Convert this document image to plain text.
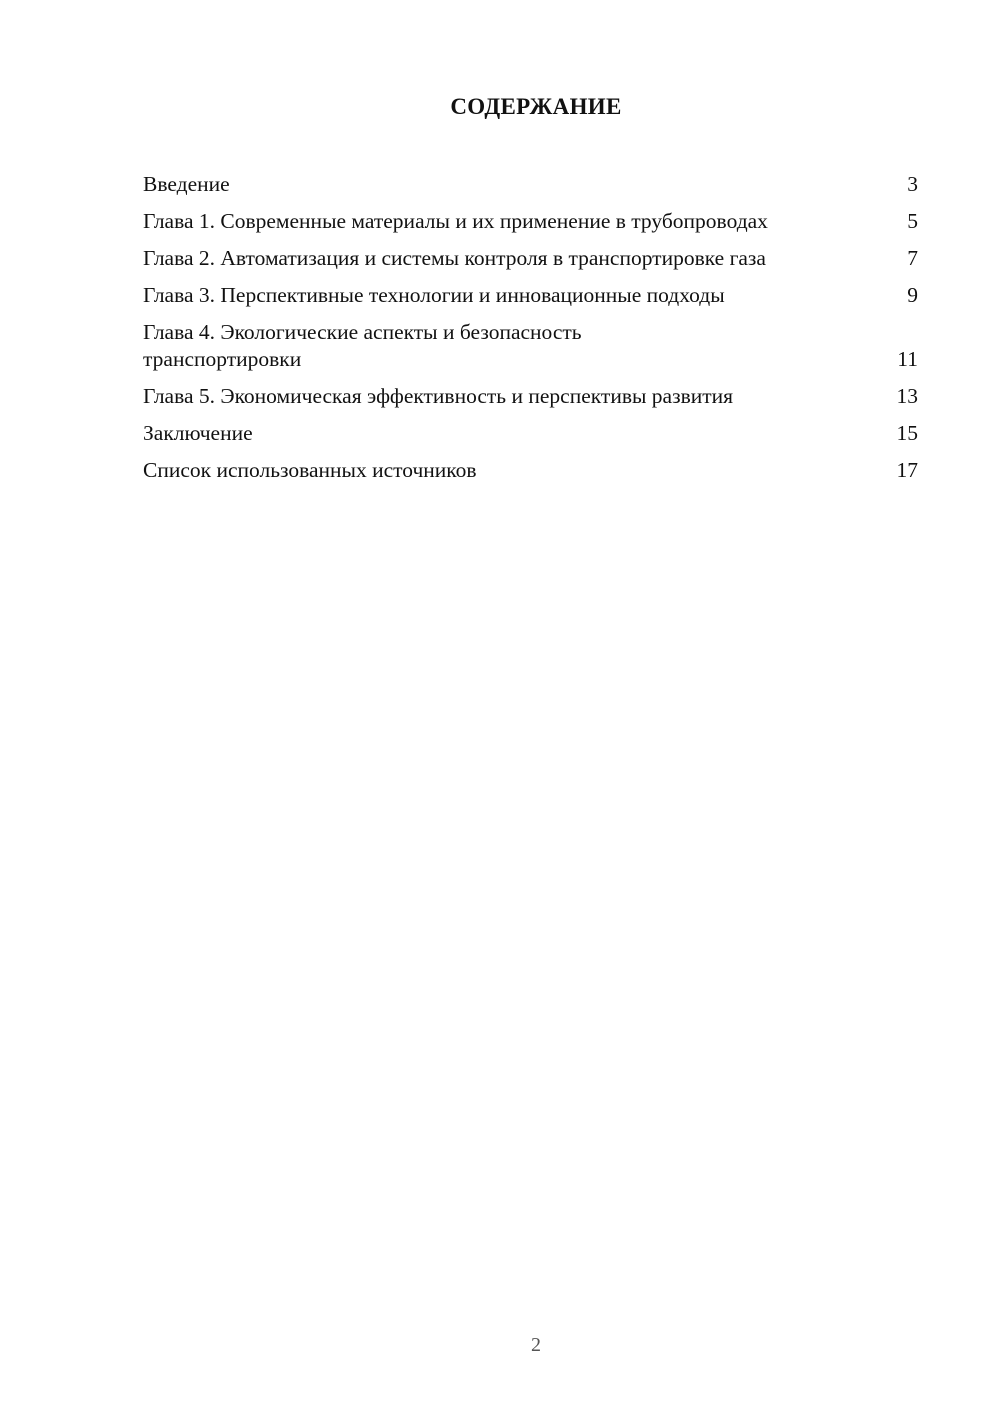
СОДЕРЖАНИЕ
Введение	3
Глава 1. Современные материалы и их применение в трубопроводах	5
Глава 2. Автоматизация и системы контроля в транспортировке газа	7
Глава 3. Перспективные технологии и инновационные подходы	9
Глава 4. Экологические аспекты и безопасность транспортировки	11
Глава 5. Экономическая эффективность и перспективы развития	13
Заключение	15
Список использованных источников	17
2
